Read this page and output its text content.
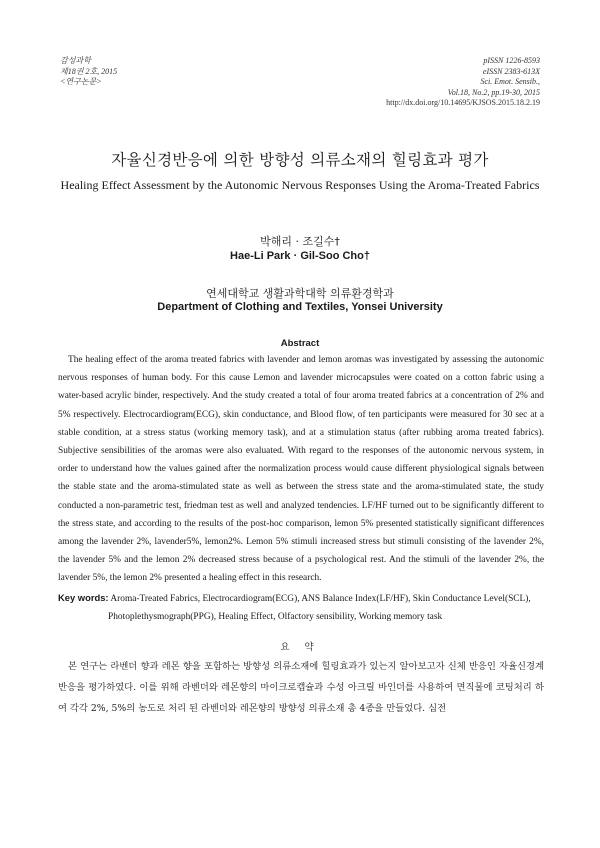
감성과학
제18권 2호, 2015
<연구논문>
pISSN 1226-8593
eISSN 2383-613X
Sci. Emot. Sensib.,
Vol.18, No.2, pp.19-30, 2015
http://dx.doi.org/10.14695/KJSOS.2015.18.2.19
자율신경반응에 의한 방향성 의류소재의 힐링효과 평가
Healing Effect Assessment by the Autonomic Nervous Responses Using the Aroma-Treated Fabrics
박해리 · 조길수†
Hae-Li Park · Gil-Soo Cho†
연세대학교 생활과학대학 의류환경학과
Department of Clothing and Textiles, Yonsei University
Abstract
The healing effect of the aroma treated fabrics with lavender and lemon aromas was investigated by assessing the autonomic nervous responses of human body. For this cause Lemon and lavender microcapsules were coated on a cotton fabric using a water-based acrylic binder, respectively. And the study created a total of four aroma treated fabrics at a concentration of 2% and 5% respectively. Electrocardiogram(ECG), skin conductance, and Blood flow, of ten participants were measured for 30 sec at a stable condition, at a stress status (working memory task), and at a stimulation status (after rubbing aroma treated fabrics). Subjective sensibilities of the aromas were also evaluated. With regard to the responses of the autonomic nervous system, in order to understand how the values gained after the normalization process would cause different physiological signals between the stable state and the aroma-stimulated state as well as between the stress state and the aroma-stimulated state, the study conducted a non-parametric test, friedman test as well and analyzed tendencies. LF/HF turned out to be significantly different to the stress state, and according to the results of the post-hoc comparison, lemon 5% presented statistically significant differences among the lavender 2%, lavender5%, lemon2%. Lemon 5% stimuli increased stress but stimuli consisting of the lavender 2%, the lavender 5% and the lemon 2% decreased stress because of a psychological rest. And the stimuli of the lavender 2%, the lavender 5%, the lemon 2% presented a healing effect in this research.
Key words: Aroma-Treated Fabrics, Electrocardiogram(ECG), ANS Balance Index(LF/HF), Skin Conductance Level(SCL), Photoplethysmograph(PPG), Healing Effect, Olfactory sensibility, Working memory task
요 약
본 연구는 라벤더 향과 레몬 향을 포함하는 방향성 의류소재에 힐링효과가 있는지 알아보고자 신체 반응인 자율신경계 반응을 평가하였다. 이를 위해 라벤더와 레몬향의 마이크로캡슐과 수성 아크릴 바인더를 사용하여 면직물에 코팅처리 하여 각각 2%, 5%의 농도로 처리 된 라벤더와 레몬향의 방향성 의류소재 총 4종을 만들었다. 심전
